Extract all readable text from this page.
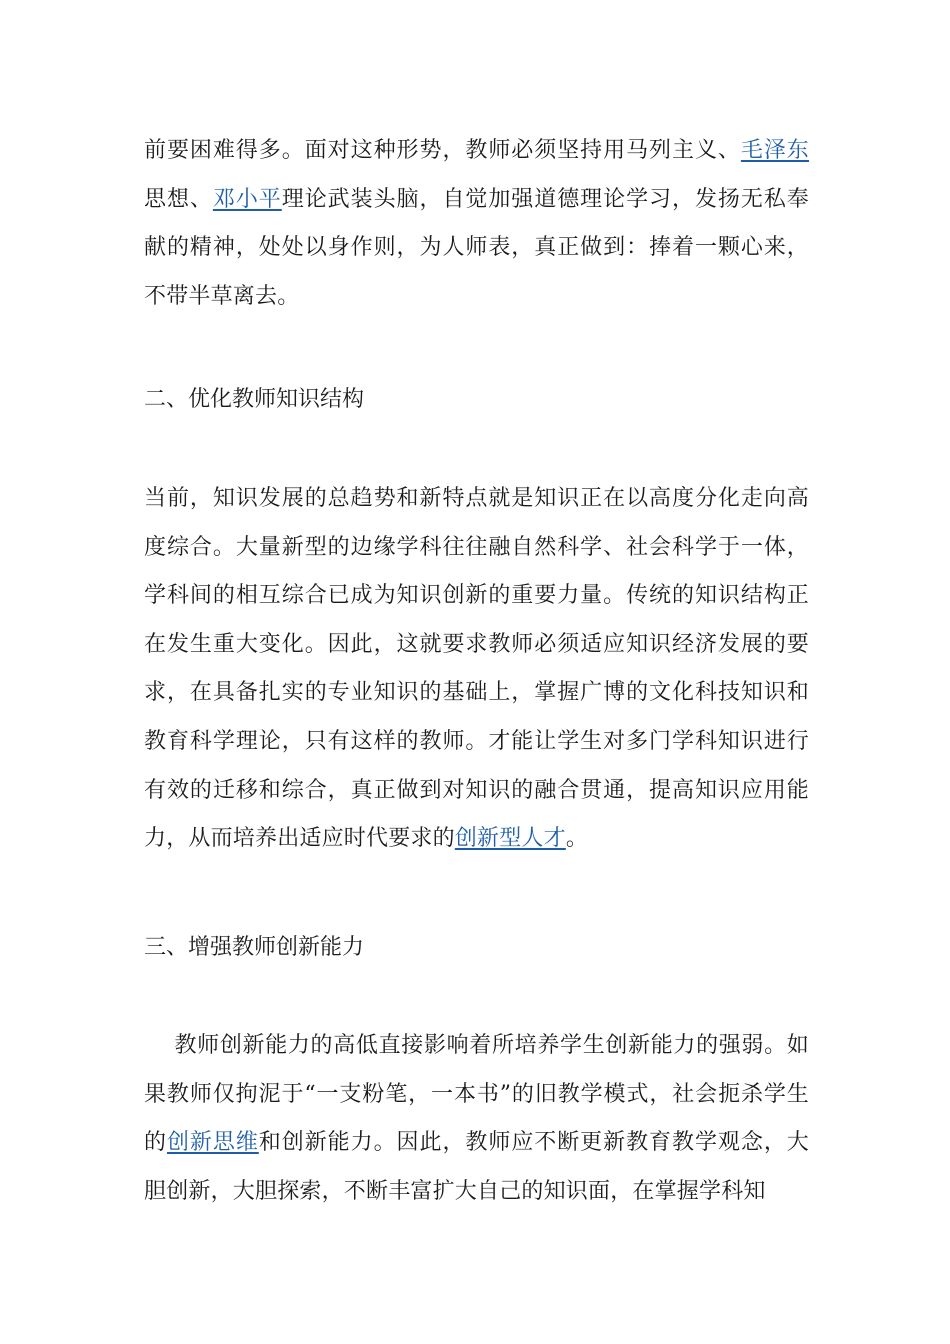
前要困难得多。面对这种形势，教师必须坚持用马列主义、毛泽东思想、邓小平理论武装头脑，自觉加强道德理论学习，发扬无私奉献的精神，处处以身作则，为人师表，真正做到：捧着一颗心来，不带半草离去。

二、优化教师知识结构

当前，知识发展的总趋势和新特点就是知识正在以高度分化走向高度综合。大量新型的边缘学科往往融自然科学、社会科学于一体，学科间的相互综合已成为知识创新的重要力量。传统的知识结构正在发生重大变化。因此，这就要求教师必须适应知识经济发展的要求，在具备扎实的专业知识的基础上，掌握广博的文化科技知识和教育科学理论，只有这样的教师。才能让学生对多门学科知识进行有效的迁移和综合，真正做到对知识的融合贯通，提高知识应用能力，从而培养出适应时代要求的创新型人才。

三、增强教师创新能力

教师创新能力的高低直接影响着所培养学生创新能力的强弱。如果教师仅拘泥于“一支粉笔，一本书”的旧教学模式，社会扼杀学生的创新思维和创新能力。因此，教师应不断更新教育教学观念，大胆创新，大胆探索，不断丰富扩大自己的知识面，在掌握学科知
